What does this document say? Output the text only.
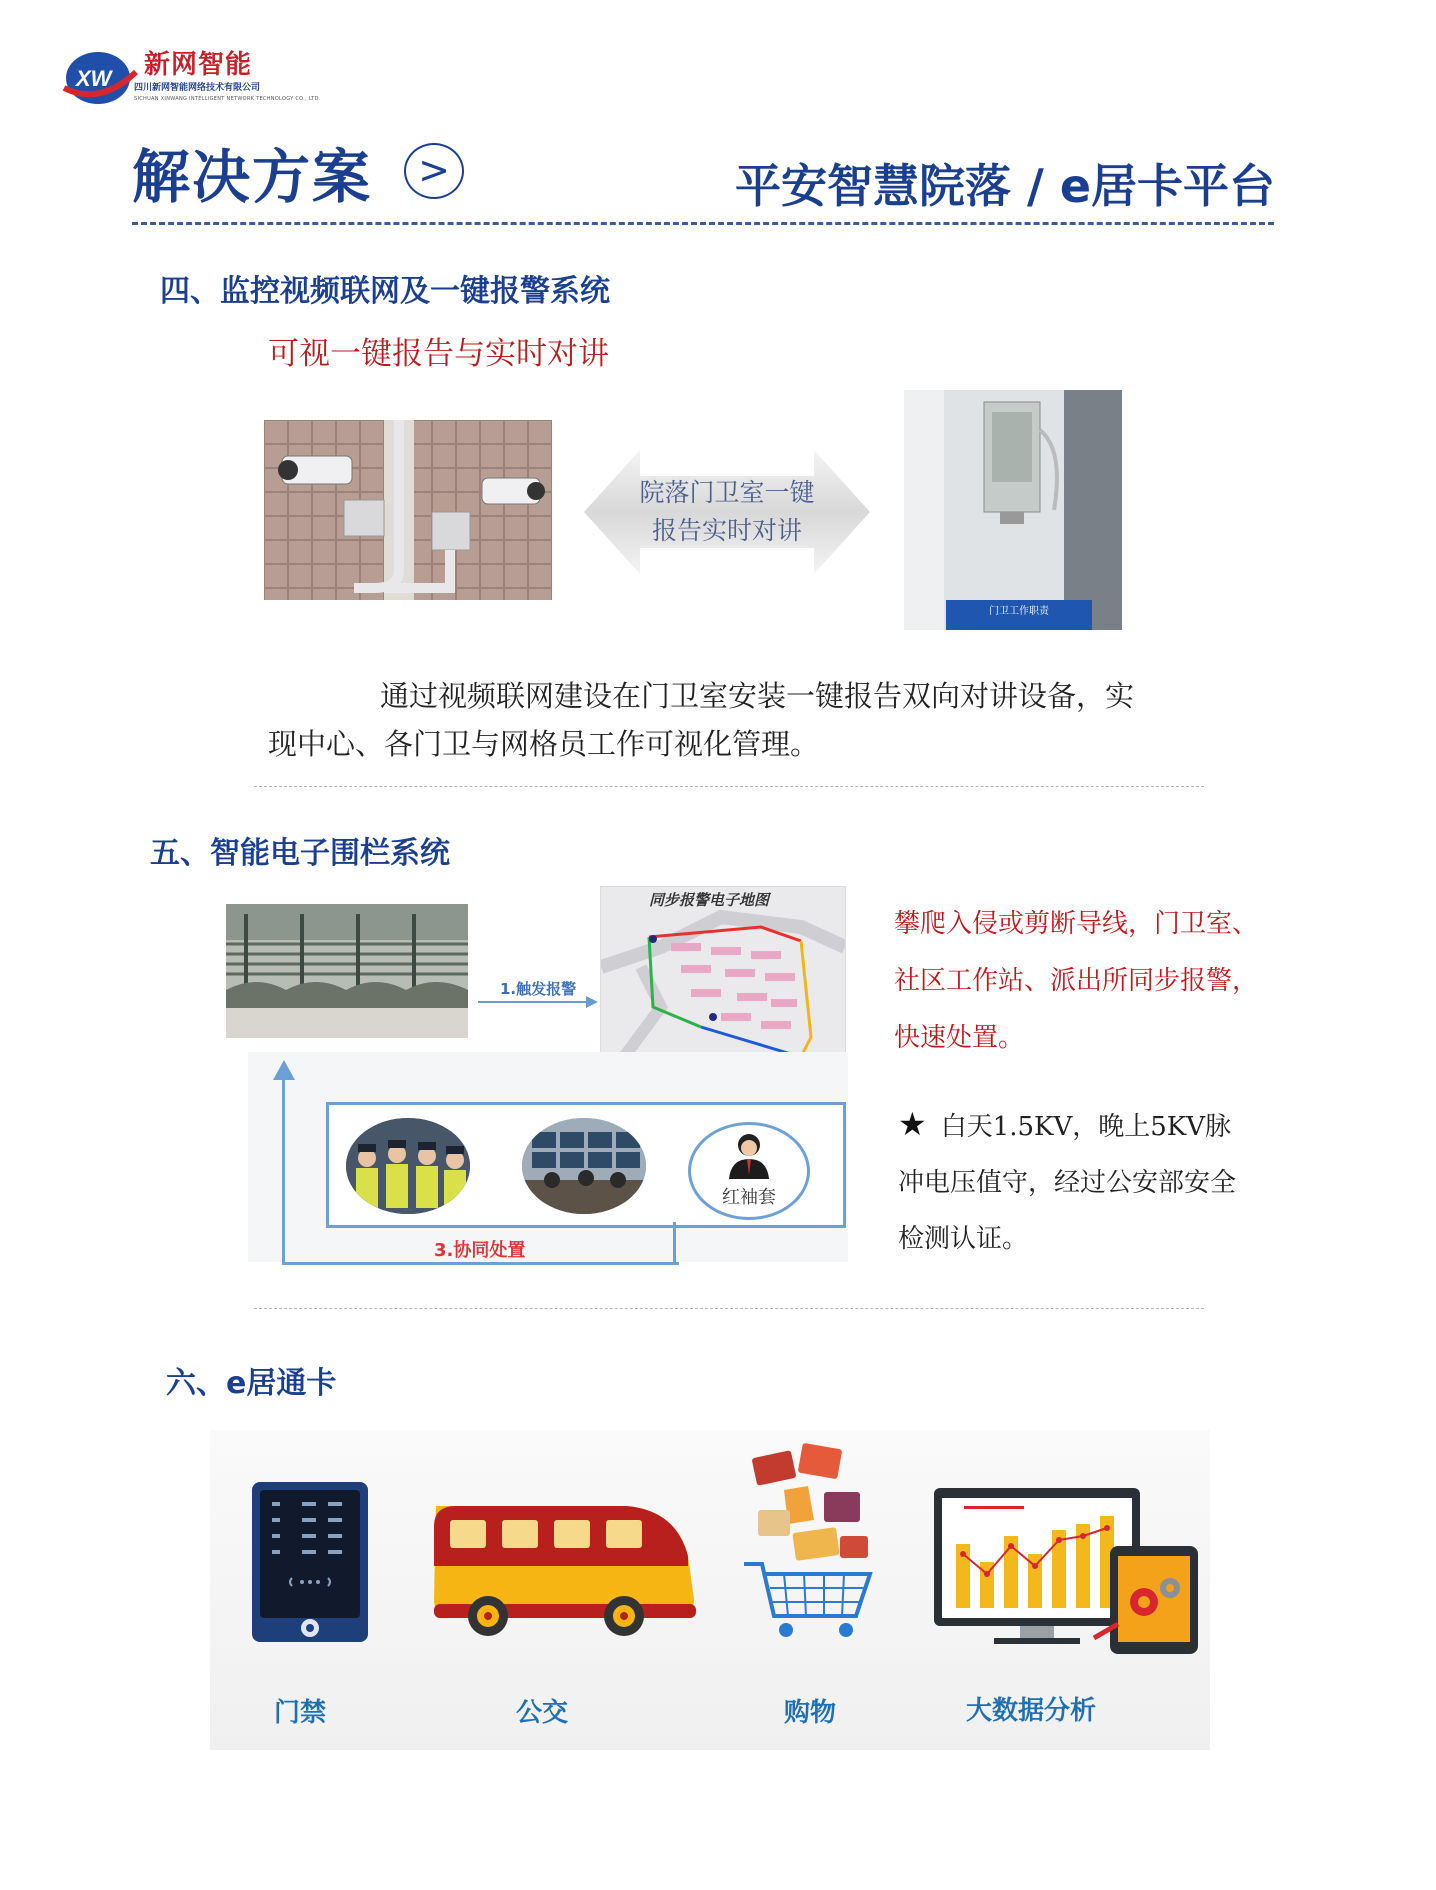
XW 新网智能
四川新网智能网络技术有限公司
SICHUAN XINWANG INTELLIGENT NETWORK TECHNOLOGY CO., LTD.
解决方案	>	平安智慧院落 / e居卡平台
四、监控视频联网及一键报警系统
可视一键报告与实时对讲
院落门卫室一键
报告实时对讲
门卫工作职责
通过视频联网建设在门卫室安装一键报告双向对讲设备，实
现中心、各门卫与网格员工作可视化管理。
五、智能电子围栏系统
1.触发报警
同步报警电子地图
3.协同处置
红袖套
攀爬入侵或剪断导线，门卫室、
社区工作站、派出所同步报警，
快速处置。
★ 白天1.5KV，晚上5KV脉
冲电压值守，经过公安部安全
检测认证。
六、e居通卡
门禁	公交	购物	大数据分析
